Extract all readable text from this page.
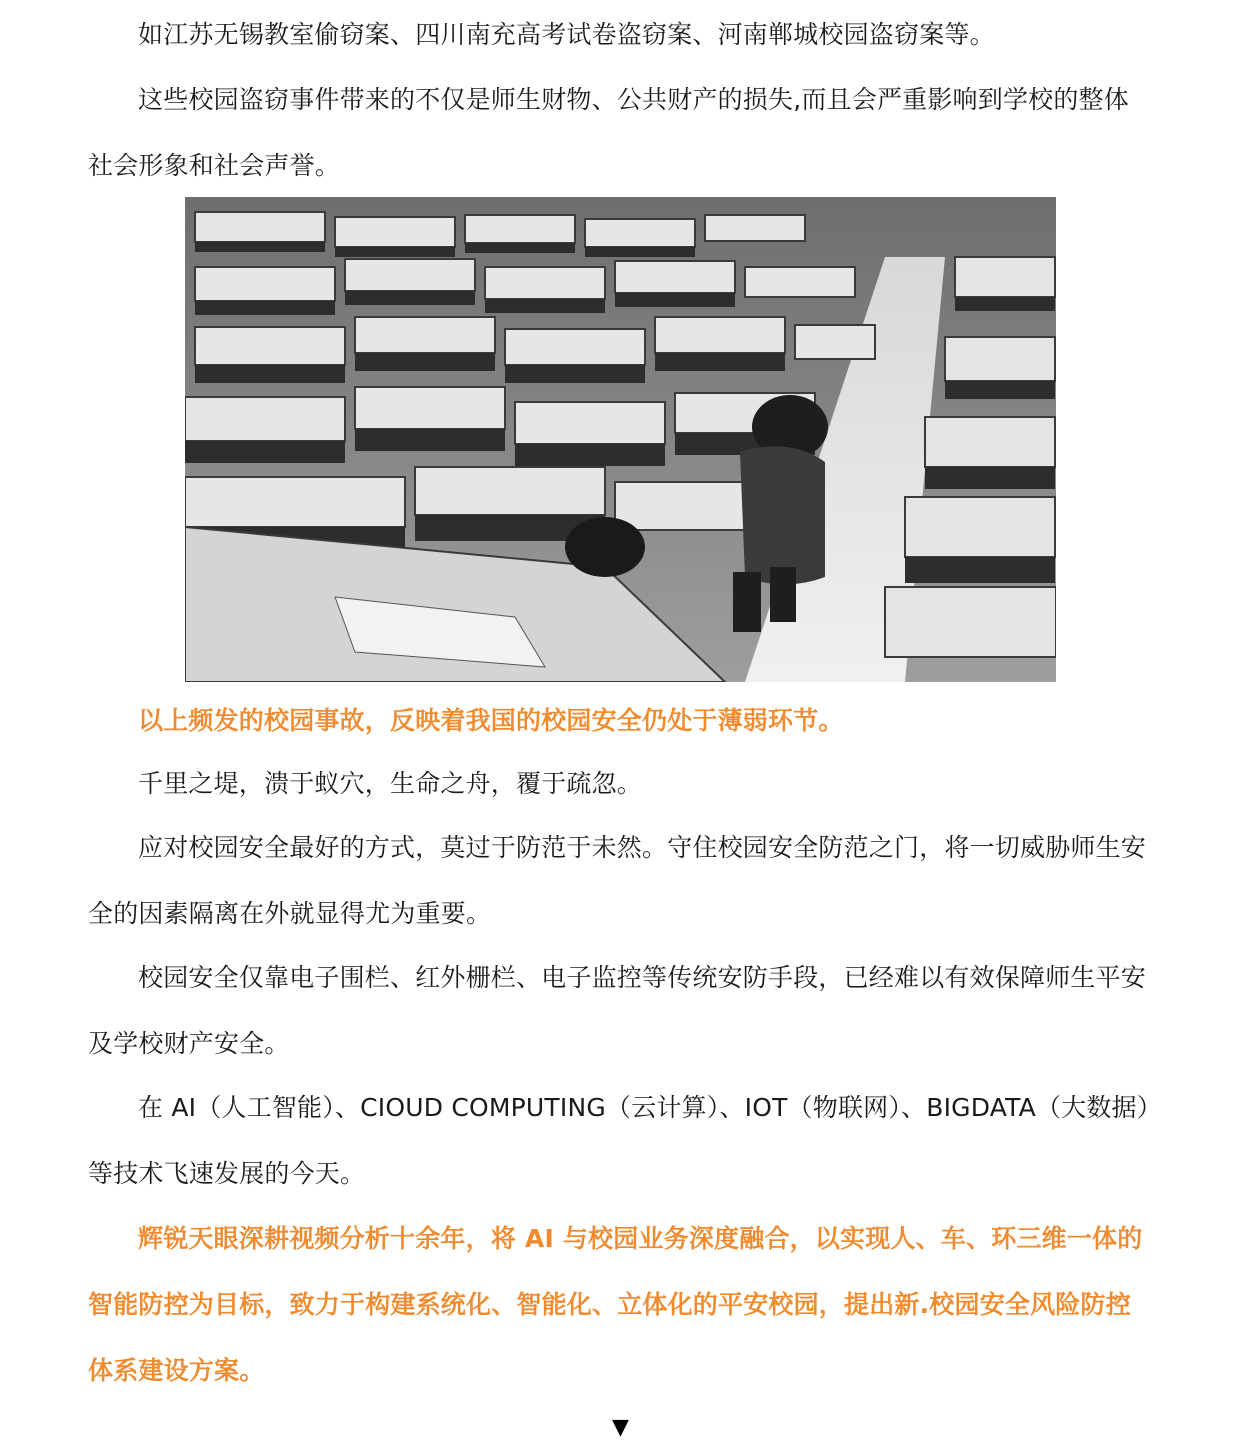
如江苏无锡教室偷窃案、四川南充高考试卷盗窃案、河南郸城校园盗窃案等。

这些校园盗窃事件带来的不仅是师生财物、公共财产的损失,而且会严重影响到学校的整体社会形象和社会声誉。

以上频发的校园事故，反映着我国的校园安全仍处于薄弱环节。

千里之堤，溃于蚁穴，生命之舟，覆于疏忽。

应对校园安全最好的方式，莫过于防范于未然。守住校园安全防范之门，将一切威胁师生安全的因素隔离在外就显得尤为重要。

校园安全仅靠电子围栏、红外栅栏、电子监控等传统安防手段，已经难以有效保障师生平安及学校财产安全。

在 AI（人工智能）、CIOUD COMPUTING（云计算）、IOT（物联网）、BIGDATA（大数据）等技术飞速发展的今天。

辉锐天眼深耕视频分析十余年，将 AI 与校园业务深度融合，以实现人、车、环三维一体的智能防控为目标，致力于构建系统化、智能化、立体化的平安校园，提出新.校园安全风险防控体系建设方案。

▼
